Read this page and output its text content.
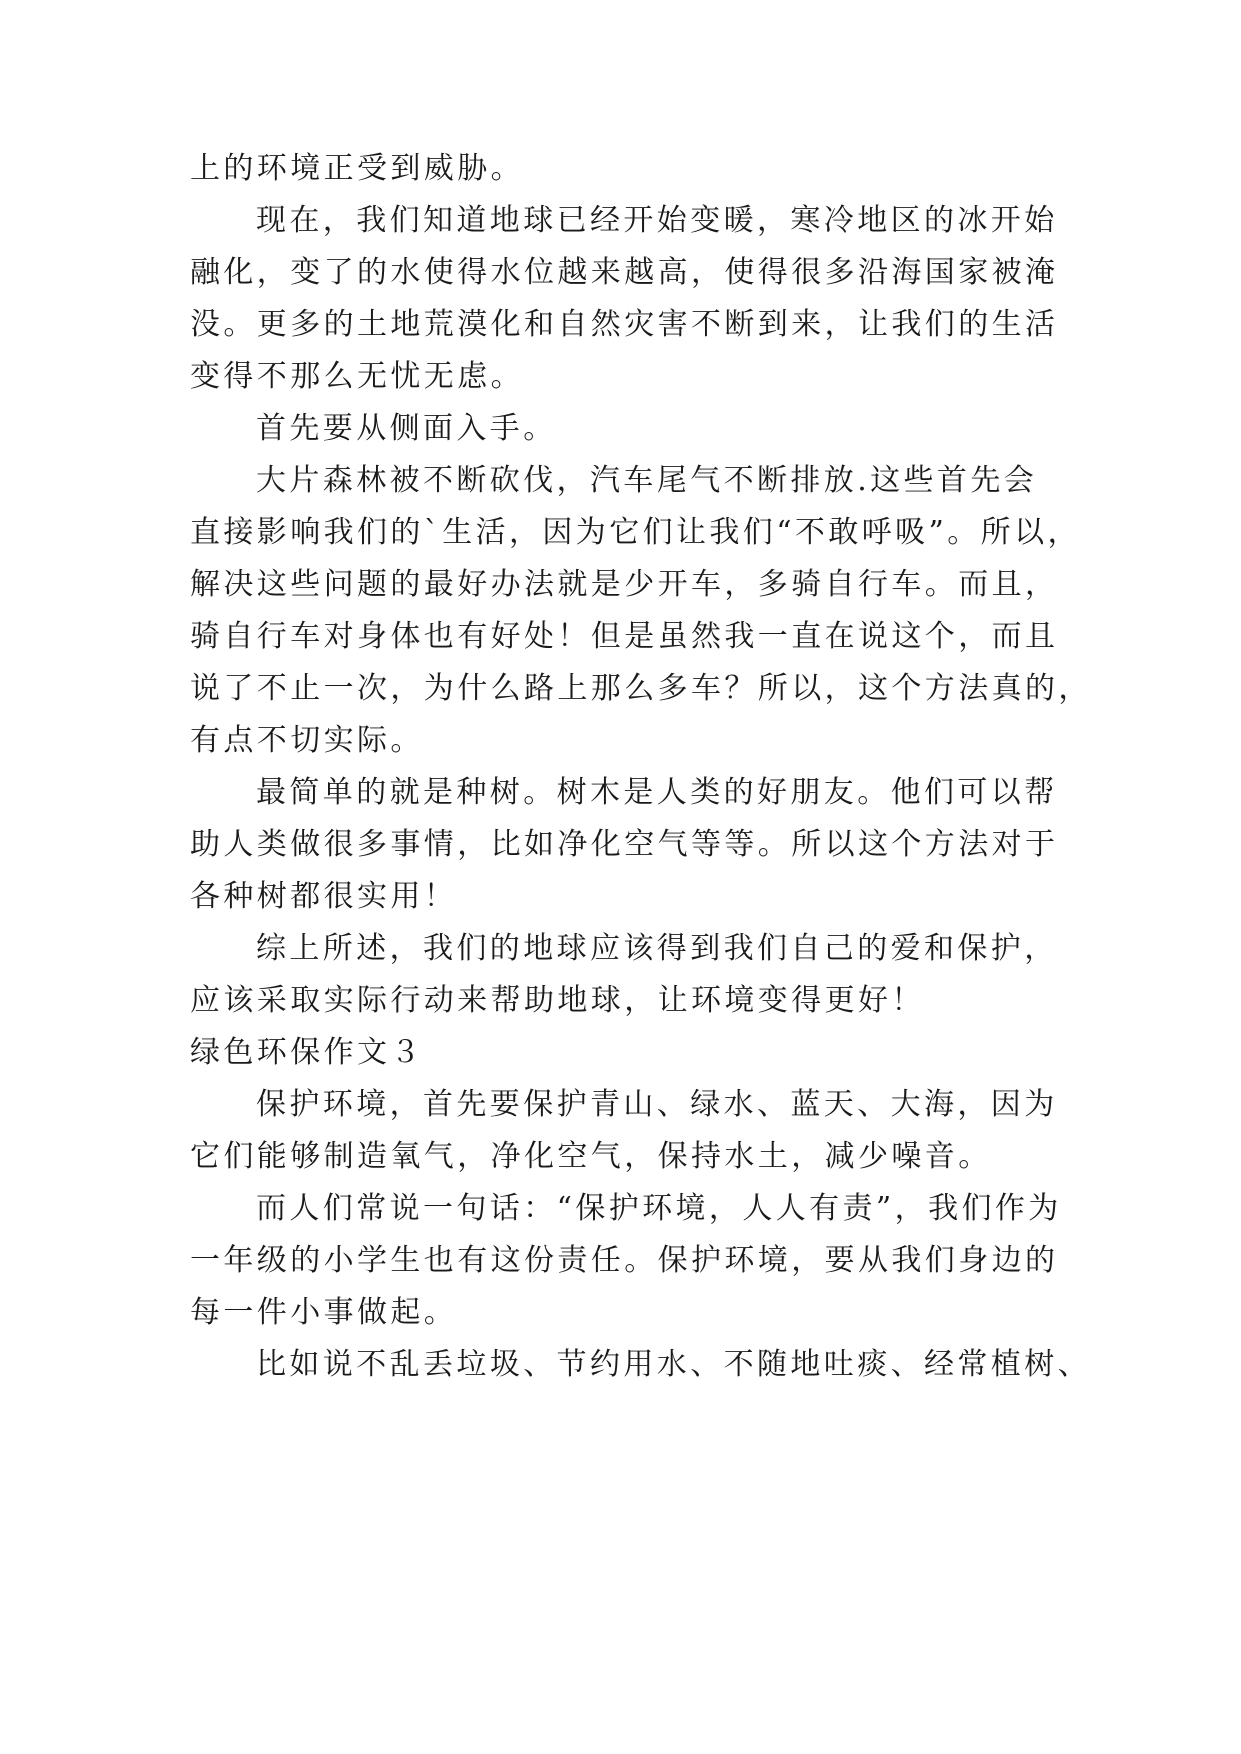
上的环境正受到威胁。
现在，我们知道地球已经开始变暖，寒冷地区的冰开始
融化，变了的水使得水位越来越高，使得很多沿海国家被淹
没。更多的土地荒漠化和自然灾害不断到来，让我们的生活
变得不那么无忧无虑。
首先要从侧面入手。
大片森林被不断砍伐，汽车尾气不断排放.这些首先会
直接影响我们的`生活，因为它们让我们“不敢呼吸”。所以，
解决这些问题的最好办法就是少开车，多骑自行车。而且，
骑自行车对身体也有好处！但是虽然我一直在说这个，而且
说了不止一次，为什么路上那么多车？所以，这个方法真的，
有点不切实际。
最简单的就是种树。树木是人类的好朋友。他们可以帮
助人类做很多事情，比如净化空气等等。所以这个方法对于
各种树都很实用！
综上所述，我们的地球应该得到我们自己的爱和保护，
应该采取实际行动来帮助地球，让环境变得更好！
绿色环保作文３
保护环境，首先要保护青山、绿水、蓝天、大海，因为
它们能够制造氧气，净化空气，保持水土，减少噪音。
而人们常说一句话：“保护环境，人人有责”，我们作为
一年级的小学生也有这份责任。保护环境，要从我们身边的
每一件小事做起。
比如说不乱丢垃圾、节约用水、不随地吐痰、经常植树、
